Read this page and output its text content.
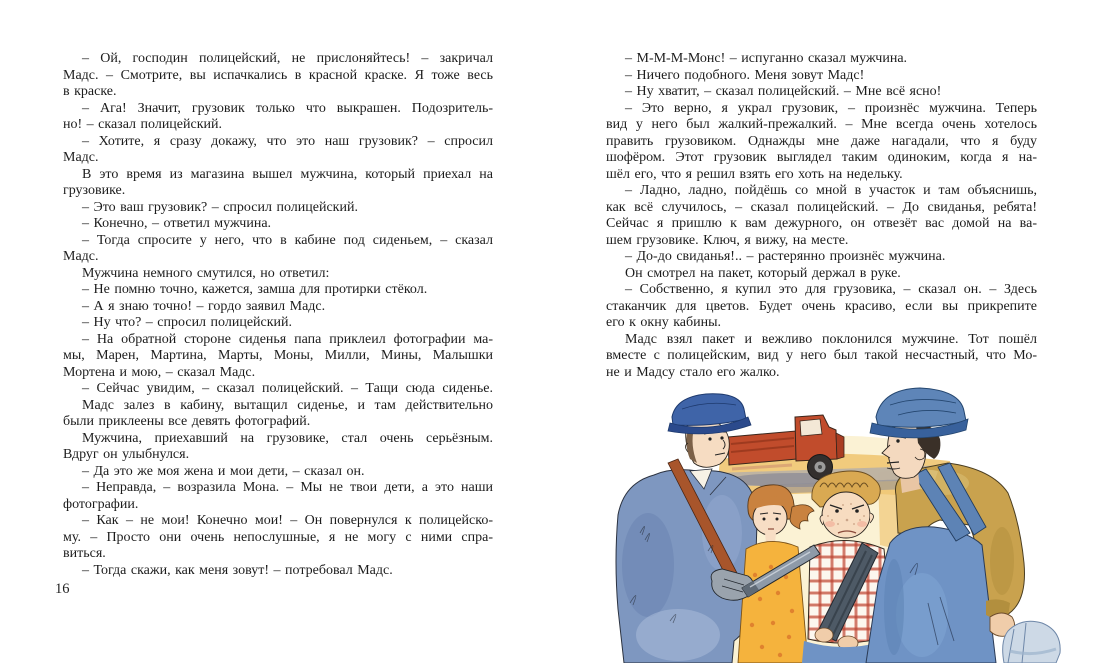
– Ой, господин полицейский, не прислоняйтесь! – закричал
Мадс. – Смотрите, вы испачкались в красной краске. Я тоже весь
в краске.
– Ага! Значит, грузовик только что выкрашен. Подозритель-
но! – сказал полицейский.
– Хотите, я сразу докажу, что это наш грузовик? – спросил
Мадс.
В это время из магазина вышел мужчина, который приехал на
грузовике.
– Это ваш грузовик? – спросил полицейский.
– Конечно, – ответил мужчина.
– Тогда спросите у него, что в кабине под сиденьем, – сказал
Мадс.
Мужчина немного смутился, но ответил:
– Не помню точно, кажется, замша для протирки стёкол.
– А я знаю точно! – гордо заявил Мадс.
– Ну что? – спросил полицейский.
– На обратной стороне сиденья папа приклеил фотографии ма-
мы, Марен, Мартина, Марты, Моны, Милли, Мины, Малышки
Мортена и мою, – сказал Мадс.
– Сейчас увидим, – сказал полицейский. – Тащи сюда сиденье.
Мадс залез в кабину, вытащил сиденье, и там действительно
были приклеены все девять фотографий.
Мужчина, приехавший на грузовике, стал очень серьёзным.
Вдруг он улыбнулся.
– Да это же моя жена и мои дети, – сказал он.
– Неправда, – возразила Мона. – Мы не твои дети, а это наши
фотографии.
– Как – не мои! Конечно мои! – Он повернулся к полицейско-
му. – Просто они очень непослушные, я не могу с ними спра-
виться.
– Тогда скажи, как меня зовут! – потребовал Мадс.
16
– М-М-М-Монс! – испуганно сказал мужчина.
– Ничего подобного. Меня зовут Мадс!
– Ну хватит, – сказал полицейский. – Мне всё ясно!
– Это верно, я украл грузовик, – произнёс мужчина. Теперь
вид у него был жалкий-прежалкий. – Мне всегда очень хотелось
править грузовиком. Однажды мне даже нагадали, что я буду
шофёром. Этот грузовик выглядел таким одиноким, когда я на-
шёл его, что я решил взять его хоть на недельку.
– Ладно, ладно, пойдёшь со мной в участок и там объяснишь,
как всё случилось, – сказал полицейский. – До свиданья, ребята!
Сейчас я пришлю к вам дежурного, он отвезёт вас домой на ва-
шем грузовике. Ключ, я вижу, на месте.
– До-до свиданья!.. – растерянно произнёс мужчина.
Он смотрел на пакет, который держал в руке.
– Собственно, я купил это для грузовика, – сказал он. – Здесь
стаканчик для цветов. Будет очень красиво, если вы прикрепите
его к окну кабины.
Мадс взял пакет и вежливо поклонился мужчине. Тот пошёл
вместе с полицейским, вид у него был такой несчастный, что Мо-
не и Мадсу стало его жалко.
